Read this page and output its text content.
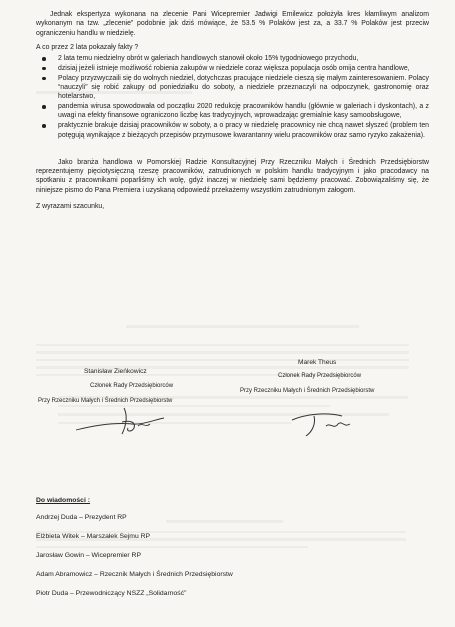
Jednak ekspertyza wykonana na zlecenie Pani Wicepremier Jadwigi Emilewicz położyła kres kłamliwym analizom wykonanym na tzw. „zlecenie” podobnie jak dziś mówiące, że 53.5 % Polaków jest za, a 33.7 % Polaków jest przeciw ograniczeniu handlu w niedzielę.

A co przez 2 lata pokazały fakty ?

2 lata temu niedzielny obrót w galeriach handlowych stanowił około 15% tygodniowego przychodu,
dzisiaj jeżeli istnieje możliwość robienia zakupów w niedziele coraz większa populacja osób omija centra handlowe,
Polacy przyzwyczaili się do wolnych niedziel, dotychczas pracujące niedziele cieszą się małym zainteresowaniem. Polacy “nauczyli” się robić zakupy od poniedziałku do soboty, a niedziele przeznaczyli na odpoczynek, gastronomię oraz hotelarstwo,
pandemia wirusa spowodowała od początku 2020 redukcję pracowników handlu (głównie w galeriach i dyskontach), a z uwagi na efekty finansowe ograniczono liczbę kas tradycyjnych, wprowadzając gremialnie kasy samoobsługowe,
praktycznie brakuje dzisiaj pracowników w soboty, a o pracy w niedzielę pracownicy nie chcą nawet słyszeć (problem ten potęgują wynikające z bieżących przepisów przymusowe kwarantanny wielu pracowników oraz samo ryzyko zakażenia).

Jako branża handlowa w Pomorskiej Radzie Konsultacyjnej Przy Rzeczniku Małych i Średnich Przedsiębiorstw reprezentujemy pięciotysięczną rzeszę pracowników, zatrudnionych w polskim handlu tradycyjnym i jako pracodawcy na spotkaniu z pracownikami poparliśmy ich wolę, gdyż inaczej w niedzielę sami będziemy pracować. Zobowiązaliśmy się, że niniejsze pismo do Pana Premiera i uzyskaną odpowiedź przekażemy wszystkim zatrudnionym załogom.

Z wyrazami szacunku,

Stanisław Zieńkowicz
Członek Rady Przedsiębiorców
Przy Rzeczniku Małych i Średnich Przedsiębiorstw
Marek Theus
Członek Rady Przedsiębiorców
Przy Rzeczniku Małych i Średnich Przedsiębiorstw
Do wiadomości :
Andrzej Duda – Prezydent RP
Elżbieta Witek – Marszałek Sejmu RP
Jarosław Gowin – Wicepremier RP
Adam Abramowicz – Rzecznik Małych i Średnich Przedsiębiorstw
Piotr Duda – Przewodniczący NSZZ „Solidarność”
